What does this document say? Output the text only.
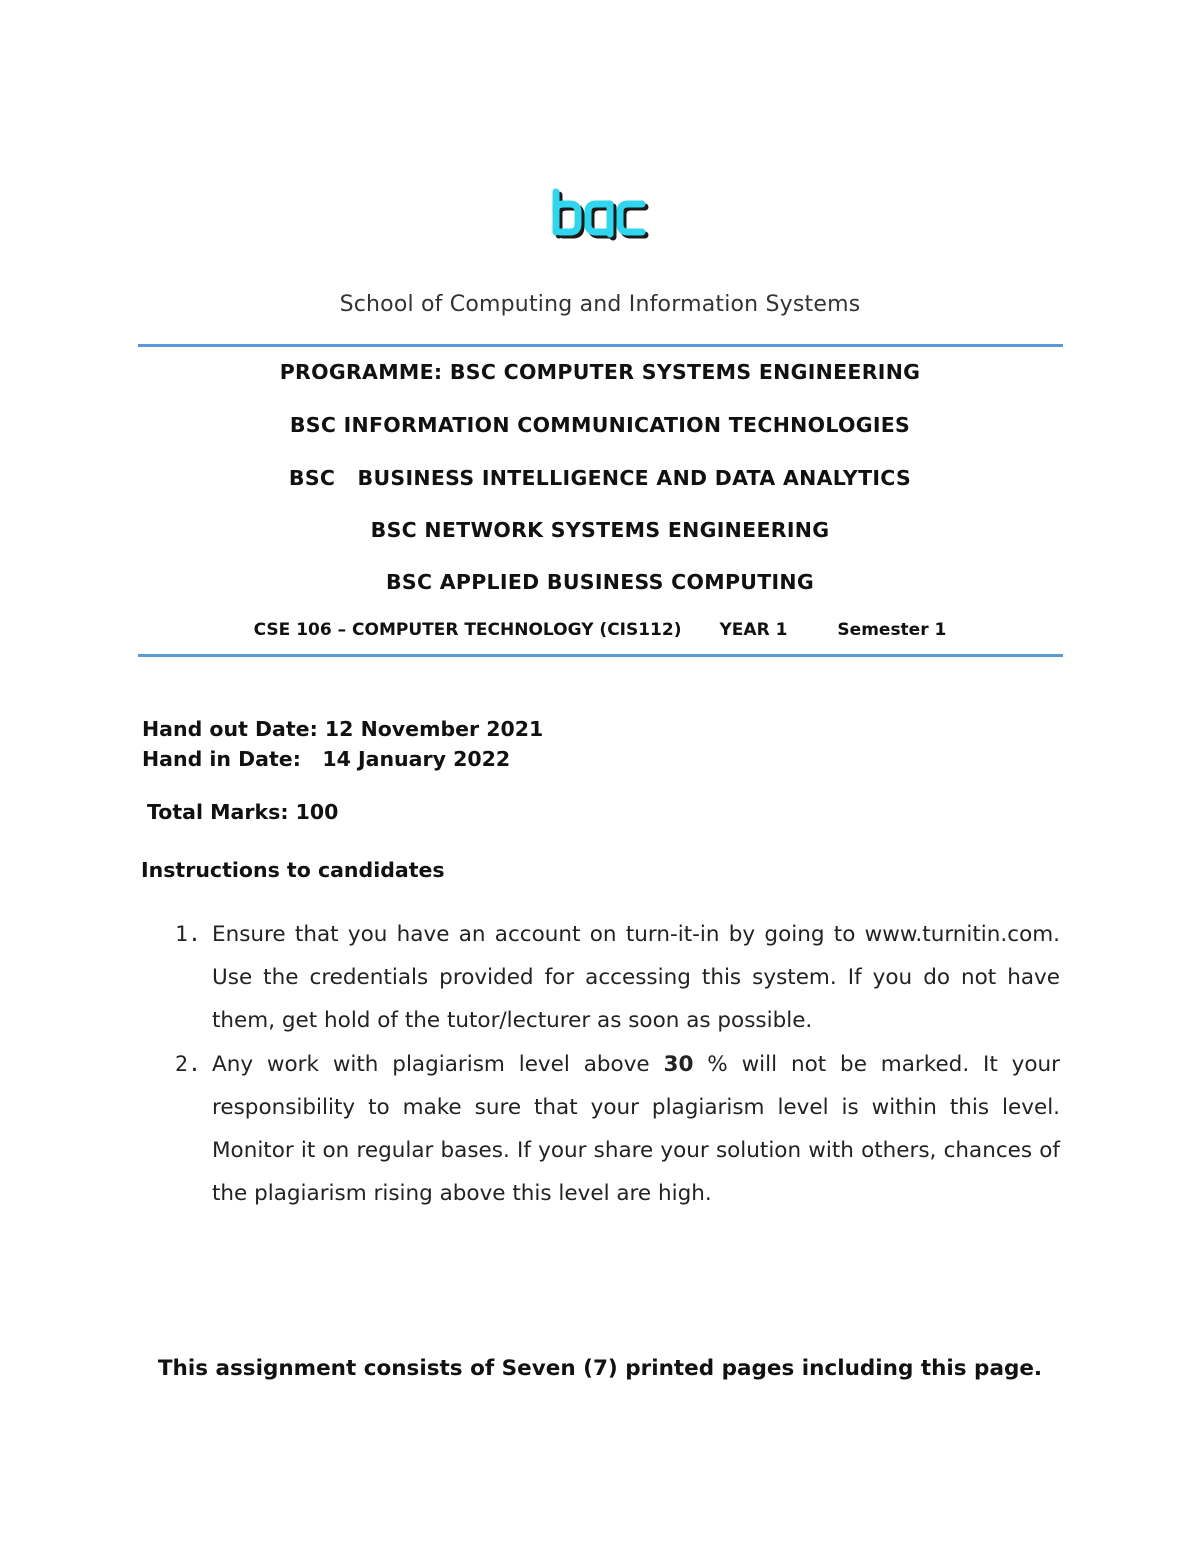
School of Computing and Information Systems
PROGRAMME: BSC COMPUTER SYSTEMS ENGINEERING
BSC INFORMATION COMMUNICATION TECHNOLOGIES
BSC   BUSINESS INTELLIGENCE AND DATA ANALYTICS
BSC NETWORK SYSTEMS ENGINEERING
BSC APPLIED BUSINESS COMPUTING
CSE 106 – COMPUTER TECHNOLOGY (CIS112) YEAR 1	Semester 1
Hand out Date: 12 November 2021
Hand in Date: 14 January 2022
Total Marks: 100
Instructions to candidates
1. Ensure that you have an account on turn-it-in by going to www.turnitin.com. Use the credentials provided for accessing this system. If you do not have them, get hold of the tutor/lecturer as soon as possible.
2. Any work with plagiarism level above 30 % will not be marked. It your responsibility to make sure that your plagiarism level is within this level. Monitor it on regular bases. If your share your solution with others, chances of the plagiarism rising above this level are high.
This assignment consists of Seven (7) printed pages including this page.
